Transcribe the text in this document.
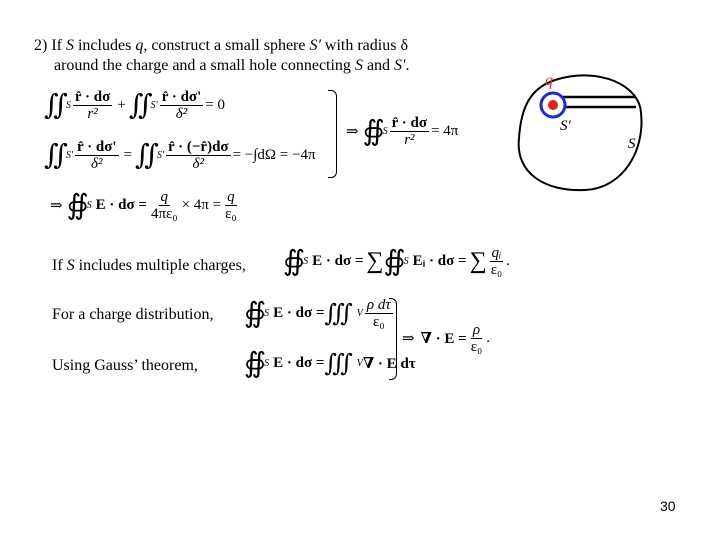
2) If S includes q, construct a small sphere S' with radius δ
around the charge and a small hole connecting S and S'.
q
S'
S
∬ S $\frac{r̂ \cdot d\sigma}{\text{r²}}$ + ∬ $S' \frac{r̂ \cdot d\sigma'}{\text{δ²}} = 0$
∬ $S' \frac{r̂ \cdot d\sigma'}{\text{δ²}}$ = ∬ $S' \frac{r̂ \cdot (-r̂)d\sigma}{\text{δ²}} = -\int d\Omega = -4\pi$
⇒ ∯ S $\frac{r̂ \cdot d\sigma}{\text{r²}} = 4\pi$
⇒ ∯ S $E \cdot d\sigma = \frac{q}{\text{4πε₀}} \times 4\pi = \frac{q}{\text{ε₀}}$
If S includes multiple charges, ∯ S E · dσ = ∑ ∯ S Eᵢ · dσ = ∑ $\frac{\text{qᵢ}}{\text{ε₀}}$ .
For a charge distribution, ∯ S E · dσ = ∭ V $\frac{\text{ρ dτ}}{\text{ε₀}}$
Using Gauss’ theorem, ∯ S E · dσ = ∭ V ∇ · E dτ
⇒ ∇ · $E = \frac{\rho}{\text{ε₀}}$ .
30
